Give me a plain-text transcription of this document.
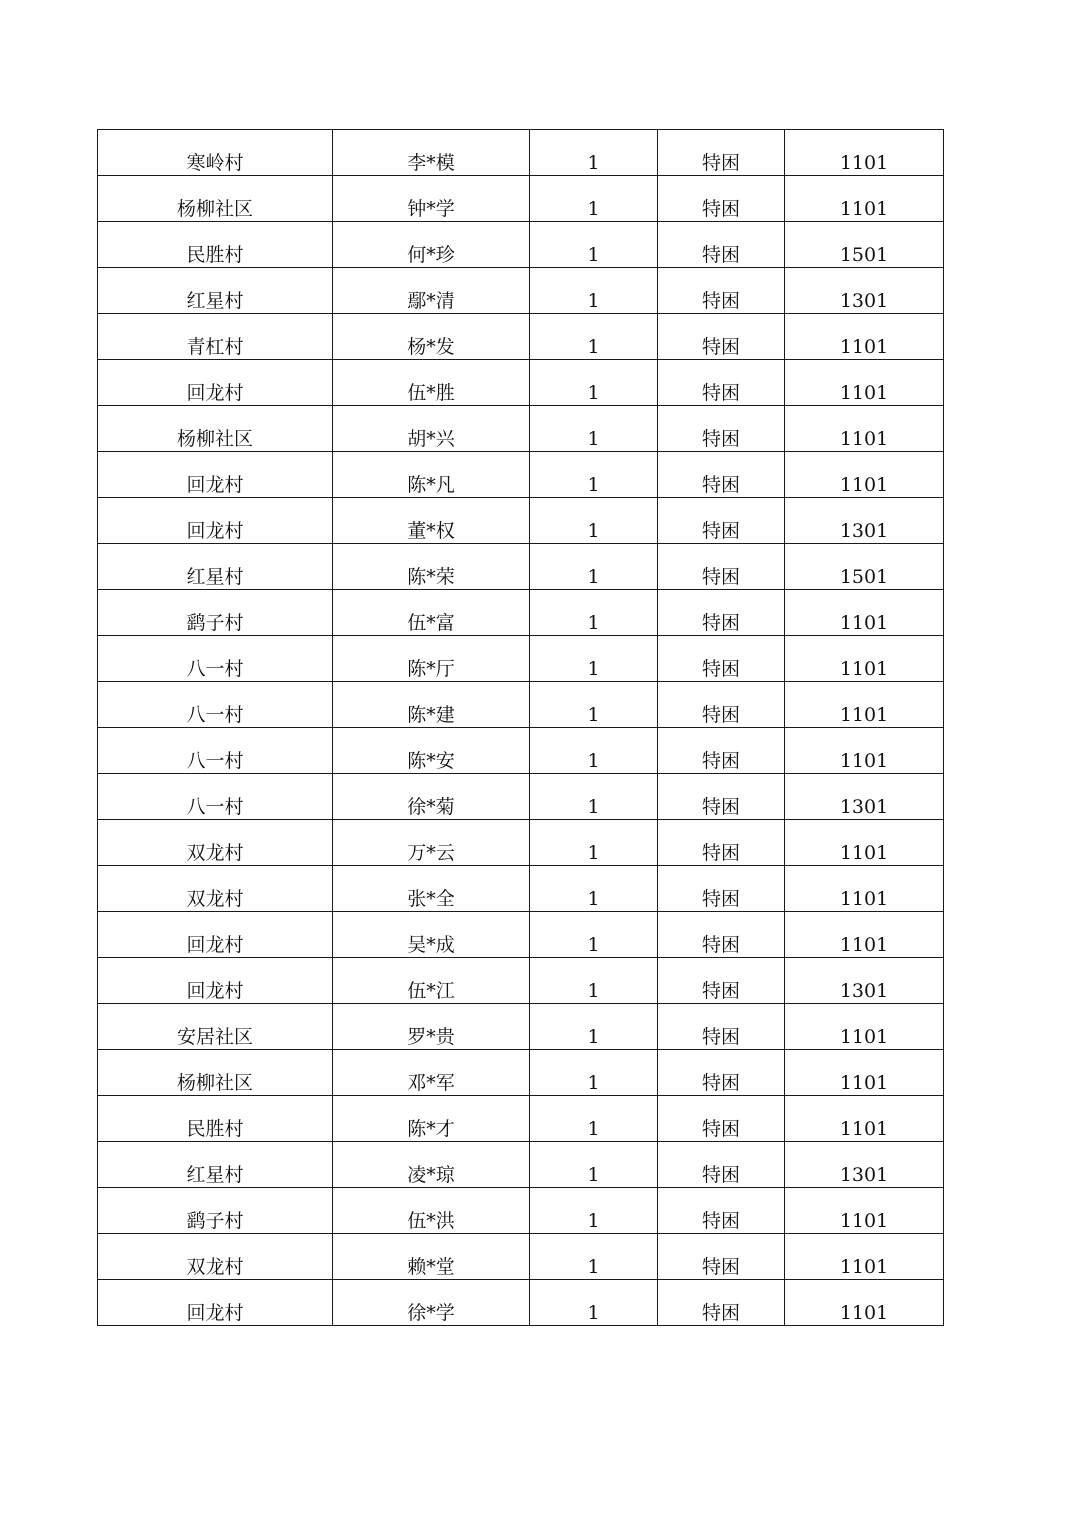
寒岭村	李*模	1	特困	1101
杨柳社区	钟*学	1	特困	1101
民胜村	何*珍	1	特困	1501
红星村	鄢*清	1	特困	1301
青杠村	杨*发	1	特困	1101
回龙村	伍*胜	1	特困	1101
杨柳社区	胡*兴	1	特困	1101
回龙村	陈*凡	1	特困	1101
回龙村	董*权	1	特困	1301
红星村	陈*荣	1	特困	1501
鹞子村	伍*富	1	特困	1101
八一村	陈*厅	1	特困	1101
八一村	陈*建	1	特困	1101
八一村	陈*安	1	特困	1101
八一村	徐*菊	1	特困	1301
双龙村	万*云	1	特困	1101
双龙村	张*全	1	特困	1101
回龙村	吴*成	1	特困	1101
回龙村	伍*江	1	特困	1301
安居社区	罗*贵	1	特困	1101
杨柳社区	邓*军	1	特困	1101
民胜村	陈*才	1	特困	1101
红星村	凌*琼	1	特困	1301
鹞子村	伍*洪	1	特困	1101
双龙村	赖*堂	1	特困	1101
回龙村	徐*学	1	特困	1101
